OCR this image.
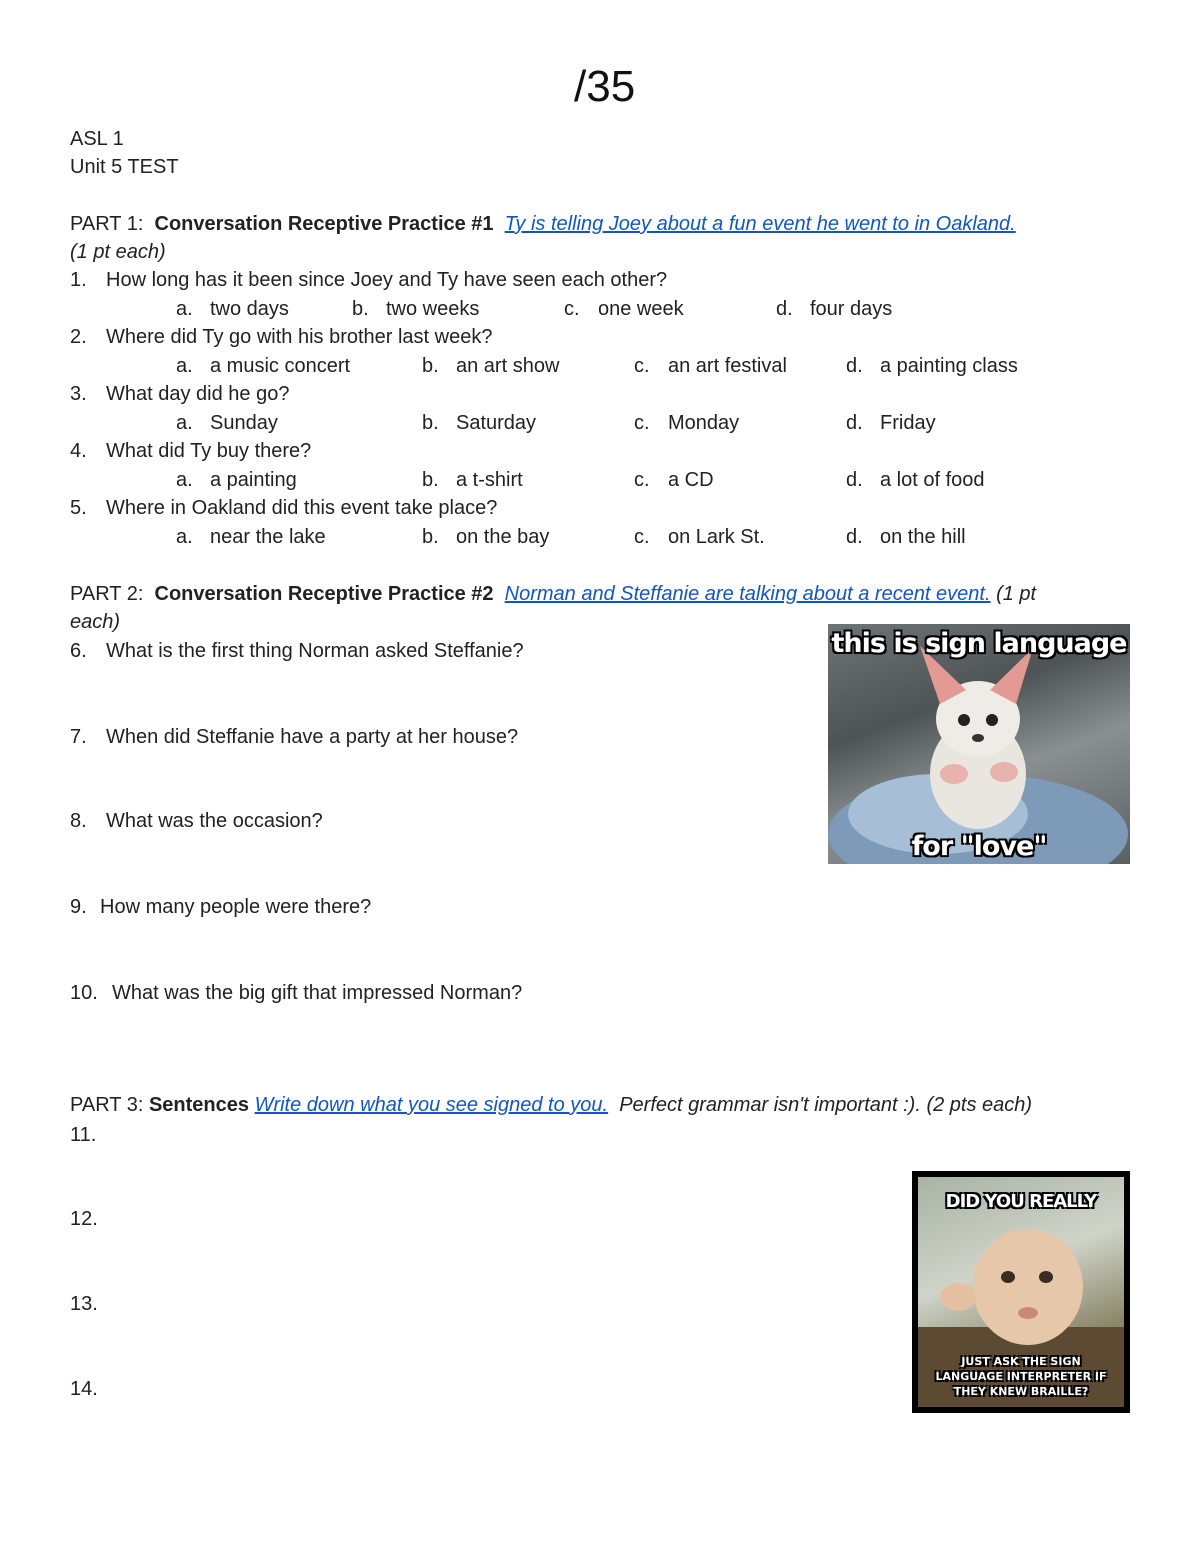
/35
ASL 1
Unit 5 TEST
PART 1: Conversation Receptive Practice #1 Ty is telling Joey about a fun event he went to in Oakland.
(1 pt each)
1. How long has it been since Joey and Ty have seen each other?
a. two days	b. two weeks	c. one week	d. four days
2. Where did Ty go with his brother last week?
a. a music concert	b. an art show	c. an art festival	d. a painting class
3. What day did he go?
a. Sunday	b. Saturday	c. Monday	d. Friday
4. What did Ty buy there?
a. a painting	b. a t-shirt	c. a CD	d. a lot of food
5. Where in Oakland did this event take place?
a. near the lake	b. on the bay	c. on Lark St.	d. on the hill
PART 2: Conversation Receptive Practice #2 Norman and Steffanie are talking about a recent event. (1 pt
each)
6. What is the first thing Norman asked Steffanie?
7. When did Steffanie have a party at her house?
8. What was the occasion?
9. How many people were there?
10. What was the big gift that impressed Norman?
this is sign language
for "love"
PART 3: Sentences Write down what you see signed to you. Perfect grammar isn't important :). (2 pts each)
11.
12.
13.
14.
DID YOU REALLY
JUST ASK THE SIGN LANGUAGE INTERPRETER IF THEY KNEW BRAILLE?
